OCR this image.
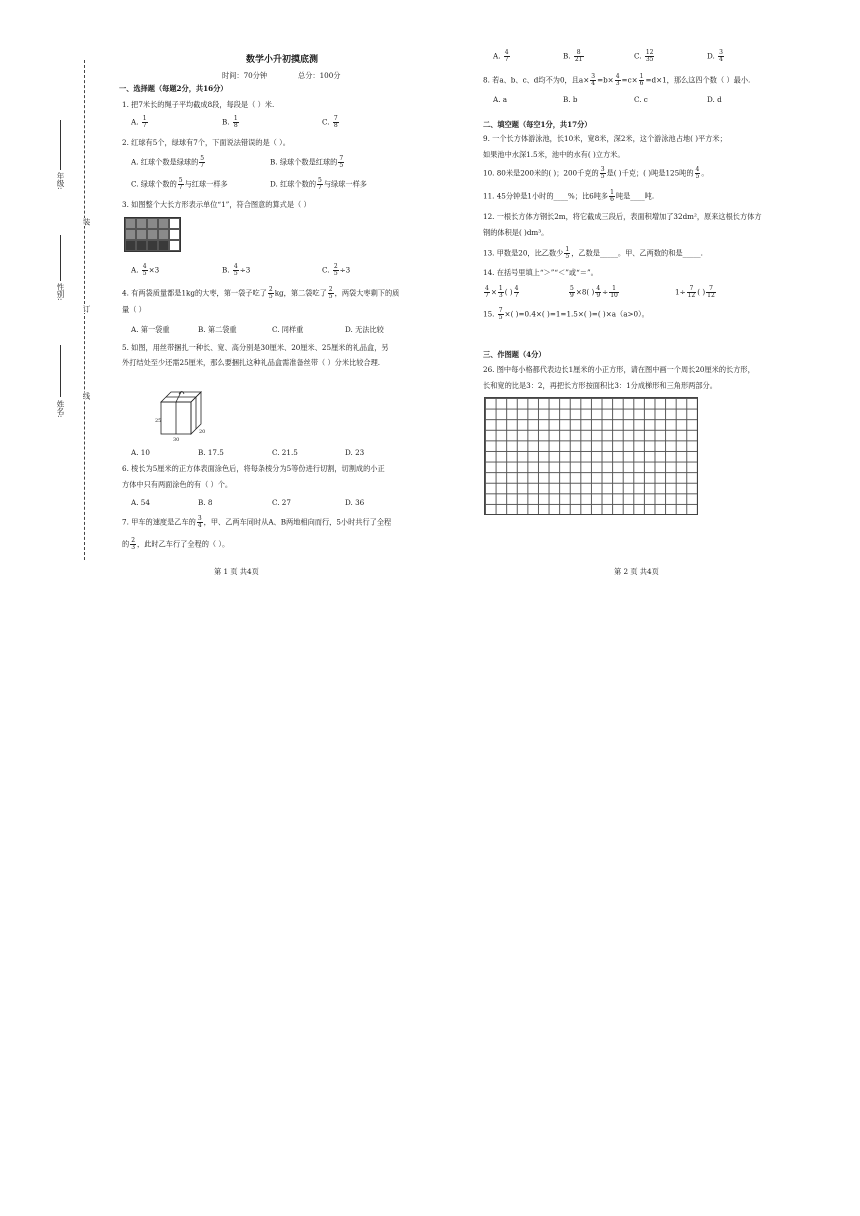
装
订
线
年级:
性别:
姓名:
数学小升初摸底测
时间：70分钟	总分：100分
一、选择题（每题2分，共16分）
1. 把7米长的绳子平均截成8段，每段是（ ）米.
A. $\frac{1}{7}$	B. $\frac{1}{8}$	C. $\frac{7}{8}$
2. 红球有5个，绿球有7个，下面说法错误的是（ ）。
A. 红球个数是绿球的 $\frac{5}{7}$	B. 绿球个数是红球的 $\frac{7}{5}$
C. 绿球个数的 $\frac{5}{7}$ 与红球一样多	D. 红球个数的 $\frac{5}{7}$ 与绿球一样多
3. 如图整个大长方形表示单位“1”，符合图意的算式是（ ）
A. $\frac{4}{5} \times 3$	B. $\frac{4}{5} \div 3$	C. $\frac{2}{5} \div 3$
4. 有两袋质量都是1kg的大枣，第一袋子吃了 $\frac{2}{5}$ kg，第二袋吃了 $\frac{2}{5}$ ，两袋大枣剩下的质
量（ ）
A. 第一袋重	B. 第二袋重	C. 同样重	D. 无法比较
5. 如图，用丝带捆扎一种长、宽、高分别是30厘米、20厘米、25厘米的礼品盒，另
外打结处至少还需25厘米，那么要捆扎这种礼品盒需准备丝带（ ）分米比较合理.
25
30
20
A. 10	B. 17.5	C. 21.5	D. 23
6. 棱长为5厘米的正方体表面涂色后，将每条棱分为5等份进行切割，切割成的小正
方体中只有两面涂色的有（ ）个。
A. 54	B. 8	C. 27	D. 36
7. 甲车的速度是乙车的 $\frac{3}{4}$ ，甲、乙两车同时从A、B两地相向而行，5小时共行了全程
的 $\frac{2}{3}$ ，此时乙车行了全程的（ ）。
第 1 页 共4页
A. $\frac{4}{7}$	B. $\frac{8}{21}$	C. $\frac{12}{35}$	D. $\frac{3}{4}$
8. 若a、b、c、d均不为0，且$a\times \frac{3}{4} =b\times \frac{4}{3} =c\times \frac{1}{6} =d\times 1$，那么这四个数（ ）最小.
A. a	B. b	C. c	D. d
二、填空题（每空1分，共17分）
9. 一个长方体游泳池，长10米，宽8米，深2米，这个游泳池占地( )平方米；
如果池中水深1.5米，池中的水有( )立方米。
10. 80米是200米的( )；200千克的 $\frac{3}{5}$ 是( )千克；( )吨是125吨的 $\frac{4}{5}$ 。
11. 45分钟是1小时的____%；比6吨多 $\frac{1}{6}$ 吨是____吨.
12. 一根长方体方钢长2m，将它截成三段后，表面积增加了32dm²，原来这根长方体方
钢的体积是( )dm³。
13. 甲数是20，比乙数少 $\frac{1}{5}$ ，乙数是_____。甲、乙两数的和是_____.
14. 在括号里填上“＞”“＜”或“＝”。
$\frac{4}{7} \times \frac{1}{3}$ ( ) $\frac{4}{7}$	$\frac{5}{9} \times 8$( ) $\frac{4}{9} \div \frac{1}{10}$	$1\div \frac{7}{12}$ ( ) $\frac{7}{12}$
15. $\frac{7}{5}$ ×( )=0.4×( )=1=1.5×( )=( )×a（a>0）。
三、作图题（4分）
26. 图中每小格都代表边长1厘米的小正方形，请在图中画一个周长20厘米的长方形，
长和宽的比是3：2，再把长方形按面积比3：1分成梯形和三角形两部分。
第 2 页 共4页
